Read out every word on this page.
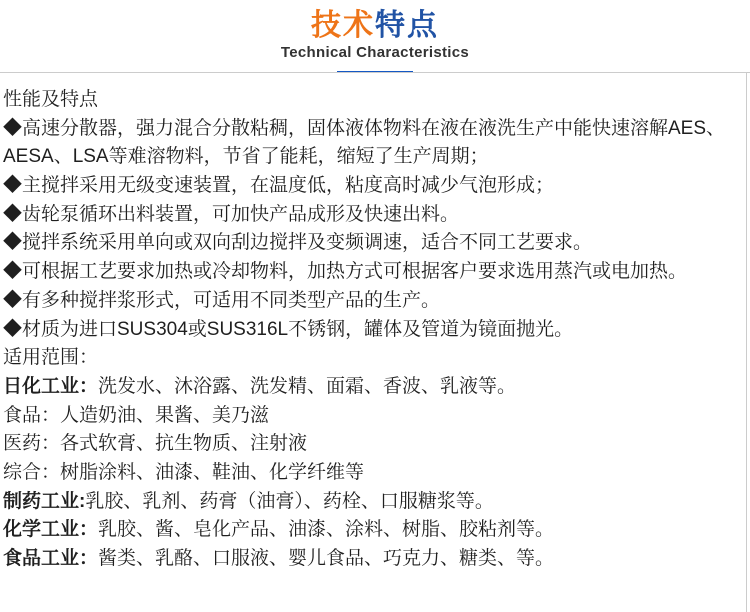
技术特点
Technical Characteristics
性能及特点
◆高速分散器，强力混合分散粘稠，固体液体物料在液在液洗生产中能快速溶解AES、
AESA、LSA等难溶物料，节省了能耗，缩短了生产周期；
◆主搅拌采用无级变速装置，在温度低，粘度高时减少气泡形成；
◆齿轮泵循环出料装置，可加快产品成形及快速出料。
◆搅拌系统采用单向或双向刮边搅拌及变频调速，适合不同工艺要求。
◆可根据工艺要求加热或冷却物料，加热方式可根据客户要求选用蒸汽或电加热。
◆有多种搅拌浆形式，可适用不同类型产品的生产。
◆材质为进口SUS304或SUS316L不锈钢，罐体及管道为镜面抛光。
适用范围：
日化工业：洗发水、沐浴露、洗发精、面霜、香波、乳液等。
食品：人造奶油、果酱、美乃滋
医药：各式软膏、抗生物质、注射液
综合：树脂涂料、油漆、鞋油、化学纤维等
制药工业:乳胶、乳剂、药膏（油膏）、药栓、口服糖浆等。
化学工业：乳胶、酱、皂化产品、油漆、涂料、树脂、胶粘剂等。
食品工业：酱类、乳酪、口服液、婴儿食品、巧克力、糖类、等。
